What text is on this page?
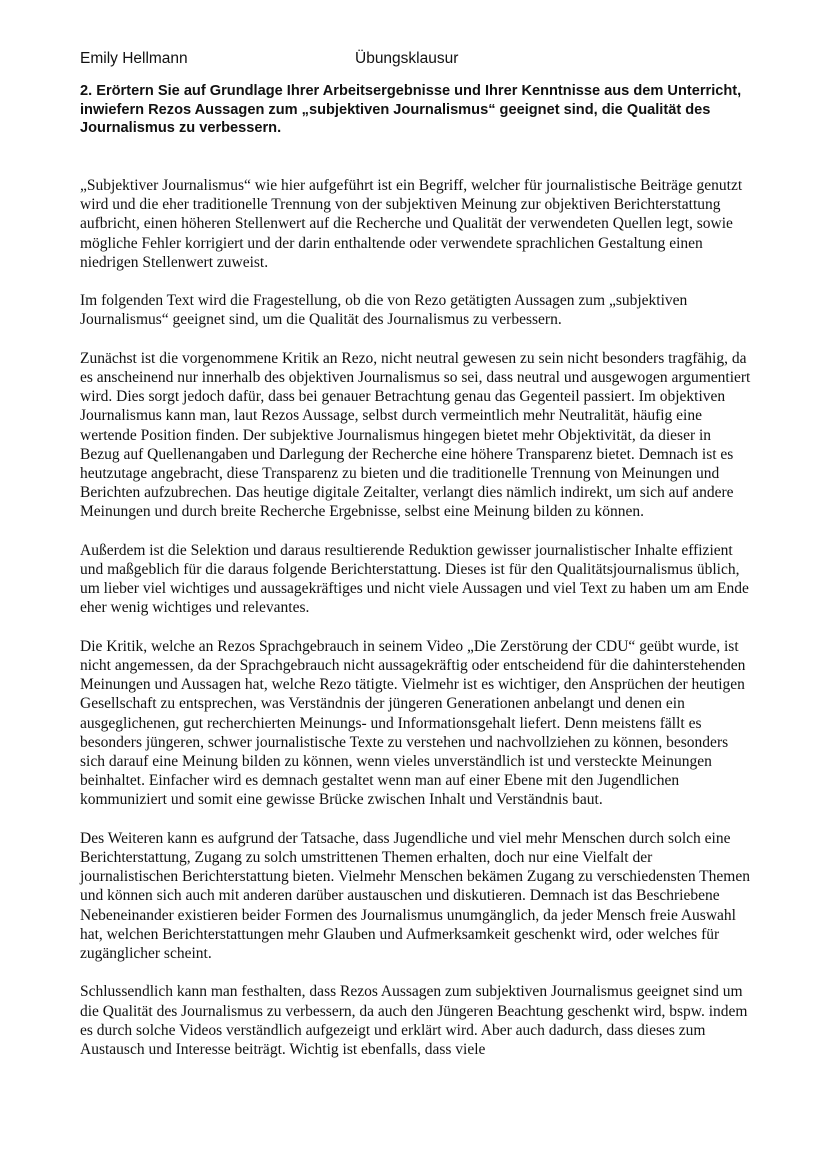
Emily Hellmann	Übungsklausur

2. Erörtern Sie auf Grundlage Ihrer Arbeitsergebnisse und Ihrer Kenntnisse aus dem Unterricht, inwiefern Rezos Aussagen zum „subjektiven Journalismus“ geeignet sind, die Qualität des Journalismus zu verbessern.

„Subjektiver Journalismus“ wie hier aufgeführt ist ein Begriff, welcher für journalistische Beiträge genutzt wird und die eher traditionelle Trennung von der subjektiven Meinung zur objektiven Berichterstattung aufbricht, einen höheren Stellenwert auf die Recherche und Qualität der verwendeten Quellen legt, sowie mögliche Fehler korrigiert und der darin enthaltende oder verwendete sprachlichen Gestaltung einen niedrigen Stellenwert zuweist.

Im folgenden Text wird die Fragestellung, ob die von Rezo getätigten Aussagen zum „subjektiven Journalismus“ geeignet sind, um die Qualität des Journalismus zu verbessern.

Zunächst ist die vorgenommene Kritik an Rezo, nicht neutral gewesen zu sein nicht besonders tragfähig, da es anscheinend nur innerhalb des objektiven Journalismus so sei, dass neutral und ausgewogen argumentiert wird. Dies sorgt jedoch dafür, dass bei genauer Betrachtung genau das Gegenteil passiert. Im objektiven Journalismus kann man, laut Rezos Aussage, selbst durch vermeintlich mehr Neutralität, häufig eine wertende Position finden. Der subjektive Journalismus hingegen bietet mehr Objektivität, da dieser in Bezug auf Quellenangaben und Darlegung der Recherche eine höhere Transparenz bietet. Demnach ist es heutzutage angebracht, diese Transparenz zu bieten und die traditionelle Trennung von Meinungen und Berichten aufzubrechen. Das heutige digitale Zeitalter, verlangt dies nämlich indirekt, um sich auf andere Meinungen und durch breite Recherche Ergebnisse, selbst eine Meinung bilden zu können.

Außerdem ist die Selektion und daraus resultierende Reduktion gewisser journalistischer Inhalte effizient und maßgeblich für die daraus folgende Berichterstattung. Dieses ist für den Qualitätsjournalismus üblich, um lieber viel wichtiges und aussagekräftiges und nicht viele Aussagen und viel Text zu haben um am Ende eher wenig wichtiges und relevantes.

Die Kritik, welche an Rezos Sprachgebrauch in seinem Video „Die Zerstörung der CDU“ geübt wurde, ist nicht angemessen, da der Sprachgebrauch nicht aussagekräftig oder entscheidend für die dahinterstehenden Meinungen und Aussagen hat, welche Rezo tätigte. Vielmehr ist es wichtiger, den Ansprüchen der heutigen Gesellschaft zu entsprechen, was Verständnis der jüngeren Generationen anbelangt und denen ein ausgeglichenen, gut recherchierten Meinungs- und Informationsgehalt liefert. Denn meistens fällt es besonders jüngeren, schwer journalistische Texte zu verstehen und nachvollziehen zu können, besonders sich darauf eine Meinung bilden zu können, wenn vieles unverständlich ist und versteckte Meinungen beinhaltet. Einfacher wird es demnach gestaltet wenn man auf einer Ebene mit den Jugendlichen kommuniziert und somit eine gewisse Brücke zwischen Inhalt und Verständnis baut.

Des Weiteren kann es aufgrund der Tatsache, dass Jugendliche und viel mehr Menschen durch solch eine Berichterstattung, Zugang zu solch umstrittenen Themen erhalten, doch nur eine Vielfalt der journalistischen Berichterstattung bieten. Vielmehr Menschen bekämen Zugang zu verschiedensten Themen und können sich auch mit anderen darüber austauschen und diskutieren. Demnach ist das Beschriebene Nebeneinander existieren beider Formen des Journalismus unumgänglich, da jeder Mensch freie Auswahl hat, welchen Berichterstattungen mehr Glauben und Aufmerksamkeit geschenkt wird, oder welches für zugänglicher scheint.

Schlussendlich kann man festhalten, dass Rezos Aussagen zum subjektiven Journalismus geeignet sind um die Qualität des Journalismus zu verbessern, da auch den Jüngeren Beachtung geschenkt wird, bspw. indem es durch solche Videos verständlich aufgezeigt und erklärt wird. Aber auch dadurch, dass dieses zum Austausch und Interesse beiträgt. Wichtig ist ebenfalls, dass viele
